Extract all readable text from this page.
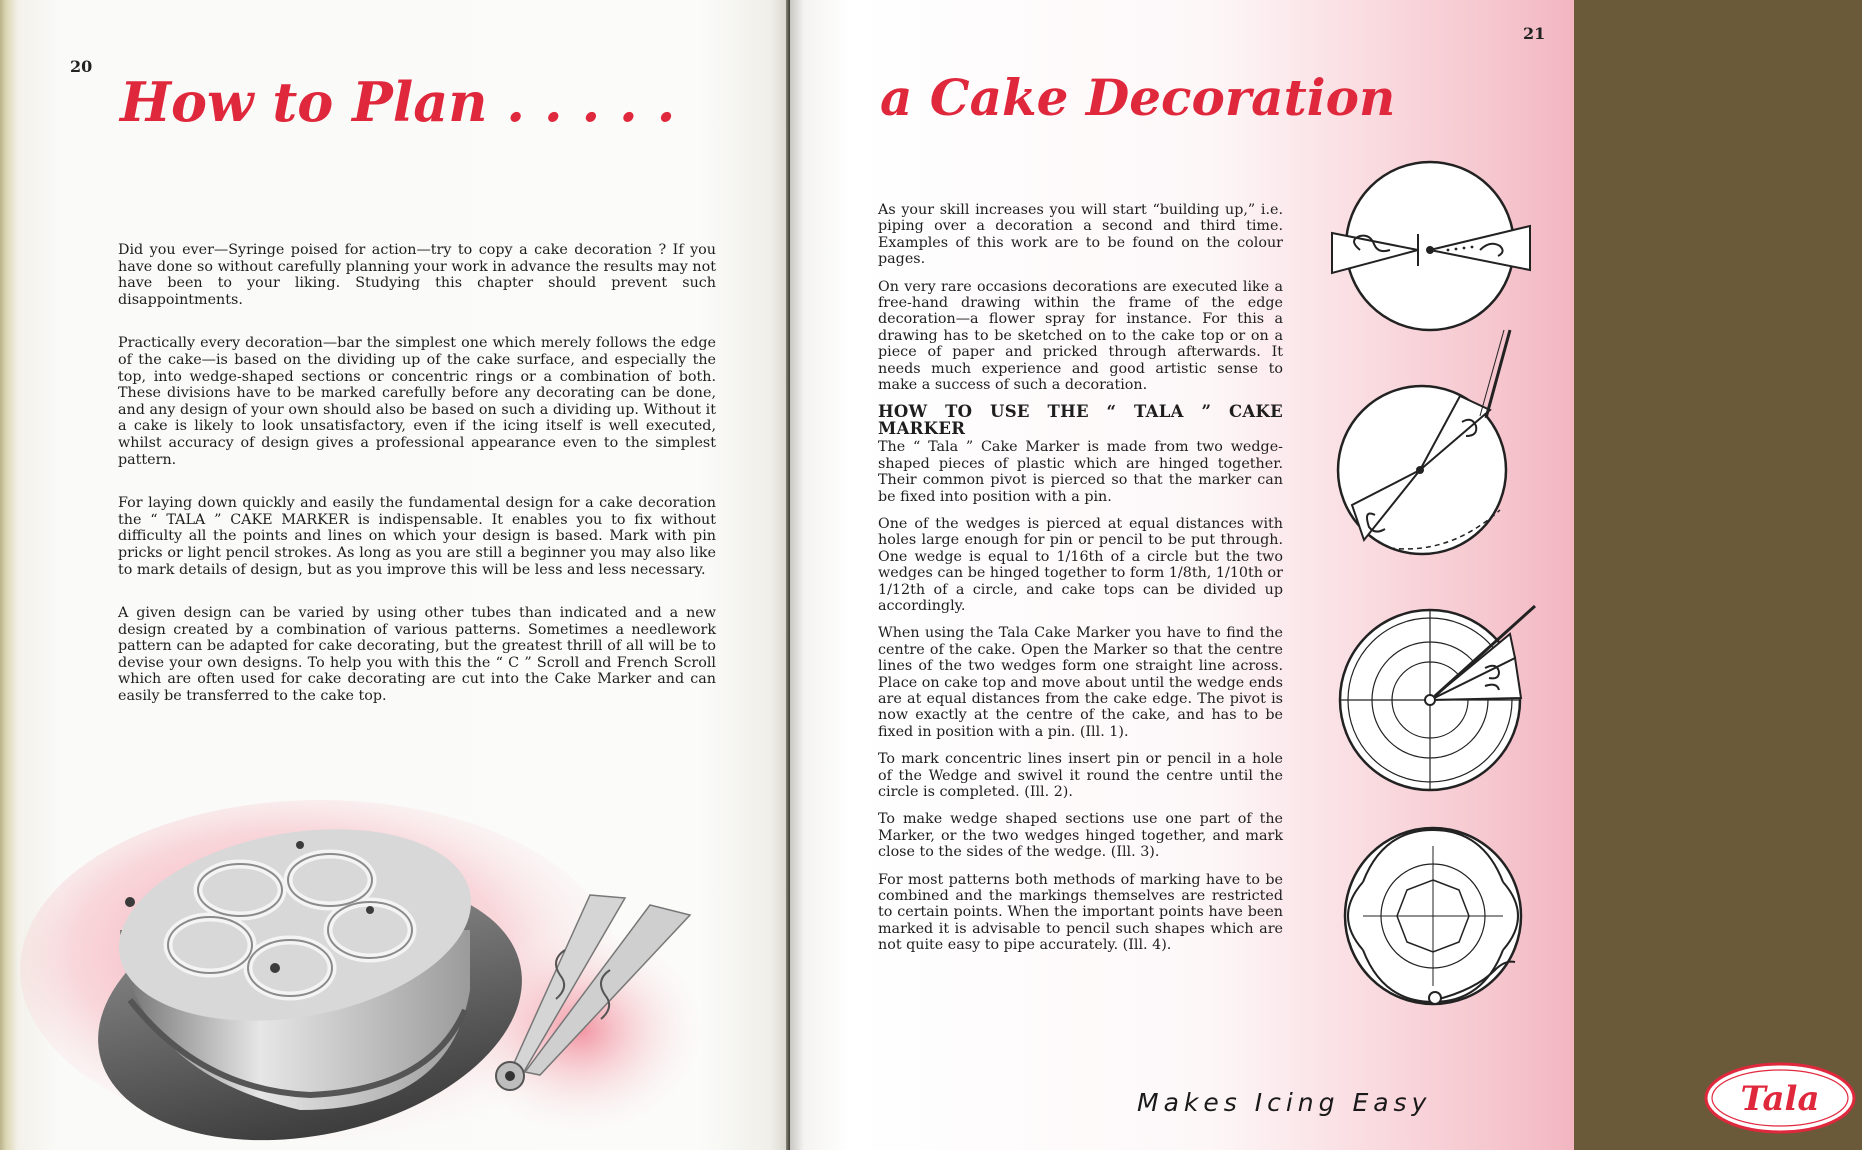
20
How to Plan . . . . .

Did you ever—Syringe poised for action—try to copy a cake decoration ? If you have done so without carefully planning your work in advance the results may not have been to your liking. Studying this chapter should prevent such disappointments.

Practically every decoration—bar the simplest one which merely follows the edge of the cake—is based on the dividing up of the cake surface, and especially the top, into wedge-shaped sections or concentric rings or a combination of both. These divisions have to be marked carefully before any decorating can be done, and any design of your own should also be based on such a dividing up. Without it a cake is likely to look unsatisfactory, even if the icing itself is well executed, whilst accuracy of design gives a professional appearance even to the simplest pattern.

For laying down quickly and easily the fundamental design for a cake decoration the “ TALA ” CAKE MARKER is indispensable. It enables you to fix without difficulty all the points and lines on which your design is based. Mark with pin pricks or light pencil strokes. As long as you are still a beginner you may also like to mark details of design, but as you improve this will be less and less necessary.

A given design can be varied by using other tubes than indicated and a new design created by a combination of various patterns. Sometimes a needlework pattern can be adapted for cake decorating, but the greatest thrill of all will be to devise your own designs. To help you with this the “ C ” Scroll and French Scroll which are often used for cake decorating are cut into the Cake Marker and can easily be transferred to the cake top.

21
a Cake Decoration

As your skill increases you will start “building up,” i.e. piping over a decoration a second and third time. Examples of this work are to be found on the colour pages.

On very rare occasions decorations are executed like a free-hand drawing within the frame of the edge decoration—a flower spray for instance. For this a drawing has to be sketched on to the cake top or on a piece of paper and pricked through afterwards. It needs much experience and good artistic sense to make a success of such a decoration.

HOW TO USE THE “ TALA ” CAKE MARKER

The “ Tala ” Cake Marker is made from two wedge-shaped pieces of plastic which are hinged together. Their common pivot is pierced so that the marker can be fixed into position with a pin.

One of the wedges is pierced at equal distances with holes large enough for pin or pencil to be put through. One wedge is equal to 1/16th of a circle but the two wedges can be hinged together to form 1/8th, 1/10th or 1/12th of a circle, and cake tops can be divided up accordingly.

When using the Tala Cake Marker you have to find the centre of the cake. Open the Marker so that the centre lines of the two wedges form one straight line across. Place on cake top and move about until the wedge ends are at equal distances from the cake edge. The pivot is now exactly at the centre of the cake, and has to be fixed in position with a pin. (Ill. 1).

To mark concentric lines insert pin or pencil in a hole of the Wedge and swivel it round the centre until the circle is completed. (Ill. 2).

To make wedge shaped sections use one part of the Marker, or the two wedges hinged together, and mark close to the sides of the wedge. (Ill. 3).

For most patterns both methods of marking have to be combined and the markings themselves are restricted to certain points. When the important points have been marked it is advisable to pencil such shapes which are not quite easy to pipe accurately. (Ill. 4).

Tala
Makes Icing Easy
